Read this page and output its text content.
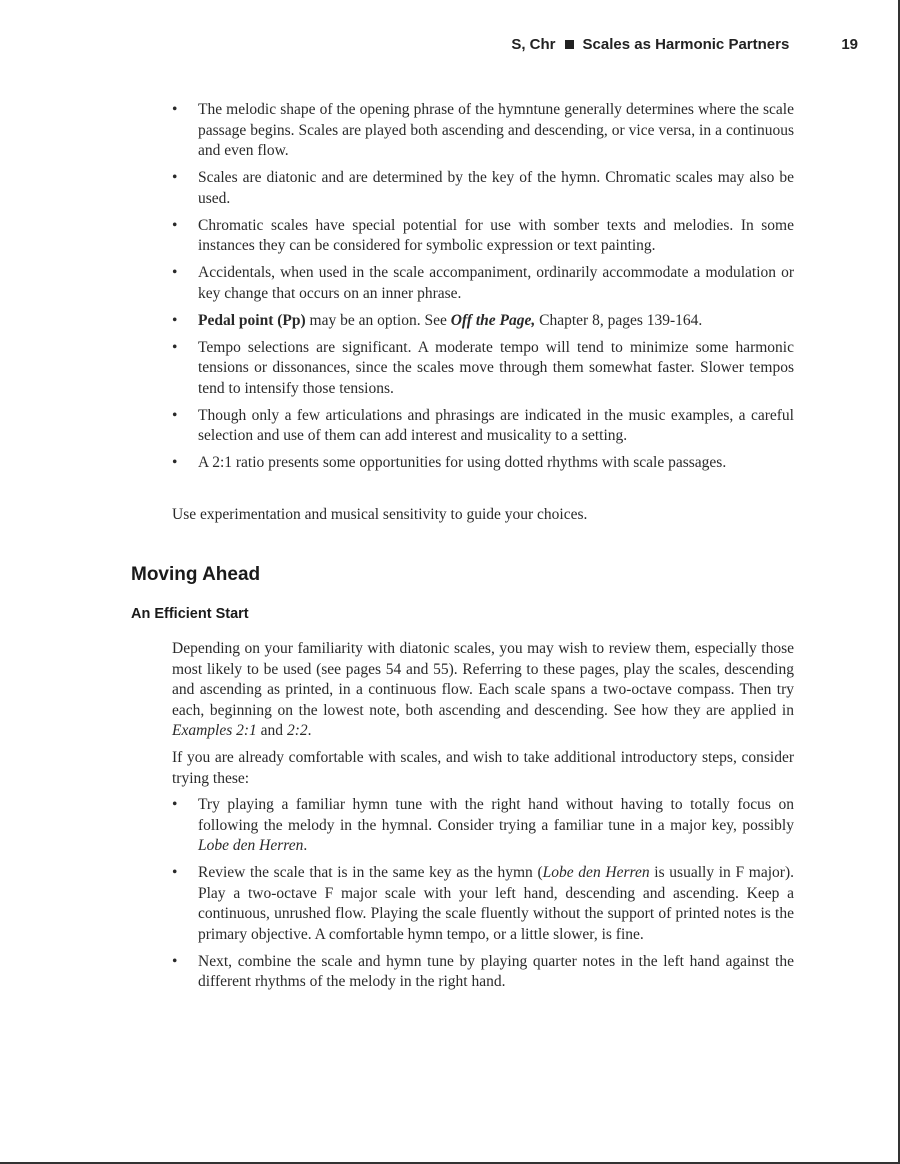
S, Chr Scales as Harmonic Partners	19
• The melodic shape of the opening phrase of the hymntune generally determines where the scale passage begins. Scales are played both ascending and descending, or vice versa, in a continuous and even flow.
• Scales are diatonic and are determined by the key of the hymn. Chromatic scales may also be used.
• Chromatic scales have special potential for use with somber texts and melodies. In some instances they can be considered for symbolic expression or text painting.
• Accidentals, when used in the scale accompaniment, ordinarily accommodate a modulation or key change that occurs on an inner phrase.
• Pedal point (Pp) may be an option. See Off the Page, Chapter 8, pages 139-164.
• Tempo selections are significant. A moderate tempo will tend to minimize some harmonic tensions or dissonances, since the scales move through them somewhat faster. Slower tempos tend to intensify those tensions.
• Though only a few articulations and phrasings are indicated in the music examples, a careful selection and use of them can add interest and musicality to a setting.
• A 2:1 ratio presents some opportunities for using dotted rhythms with scale passages.

Use experimentation and musical sensitivity to guide your choices.

Moving Ahead
An Efficient Start

Depending on your familiarity with diatonic scales, you may wish to review them, especially those most likely to be used (see pages 54 and 55). Referring to these pages, play the scales, descending and ascending as printed, in a continuous flow. Each scale spans a two-octave compass. Then try each, beginning on the lowest note, both ascending and descending. See how they are applied in Examples 2:1 and 2:2.

If you are already comfortable with scales, and wish to take additional introductory steps, consider trying these:

• Try playing a familiar hymn tune with the right hand without having to totally focus on following the melody in the hymnal. Consider trying a familiar tune in a major key, possibly Lobe den Herren.
• Review the scale that is in the same key as the hymn (Lobe den Herren is usually in F major). Play a two-octave F major scale with your left hand, descending and ascending. Keep a continuous, unrushed flow. Playing the scale fluently without the support of printed notes is the primary objective. A comfortable hymn tempo, or a little slower, is fine.
• Next, combine the scale and hymn tune by playing quarter notes in the left hand against the different rhythms of the melody in the right hand.
